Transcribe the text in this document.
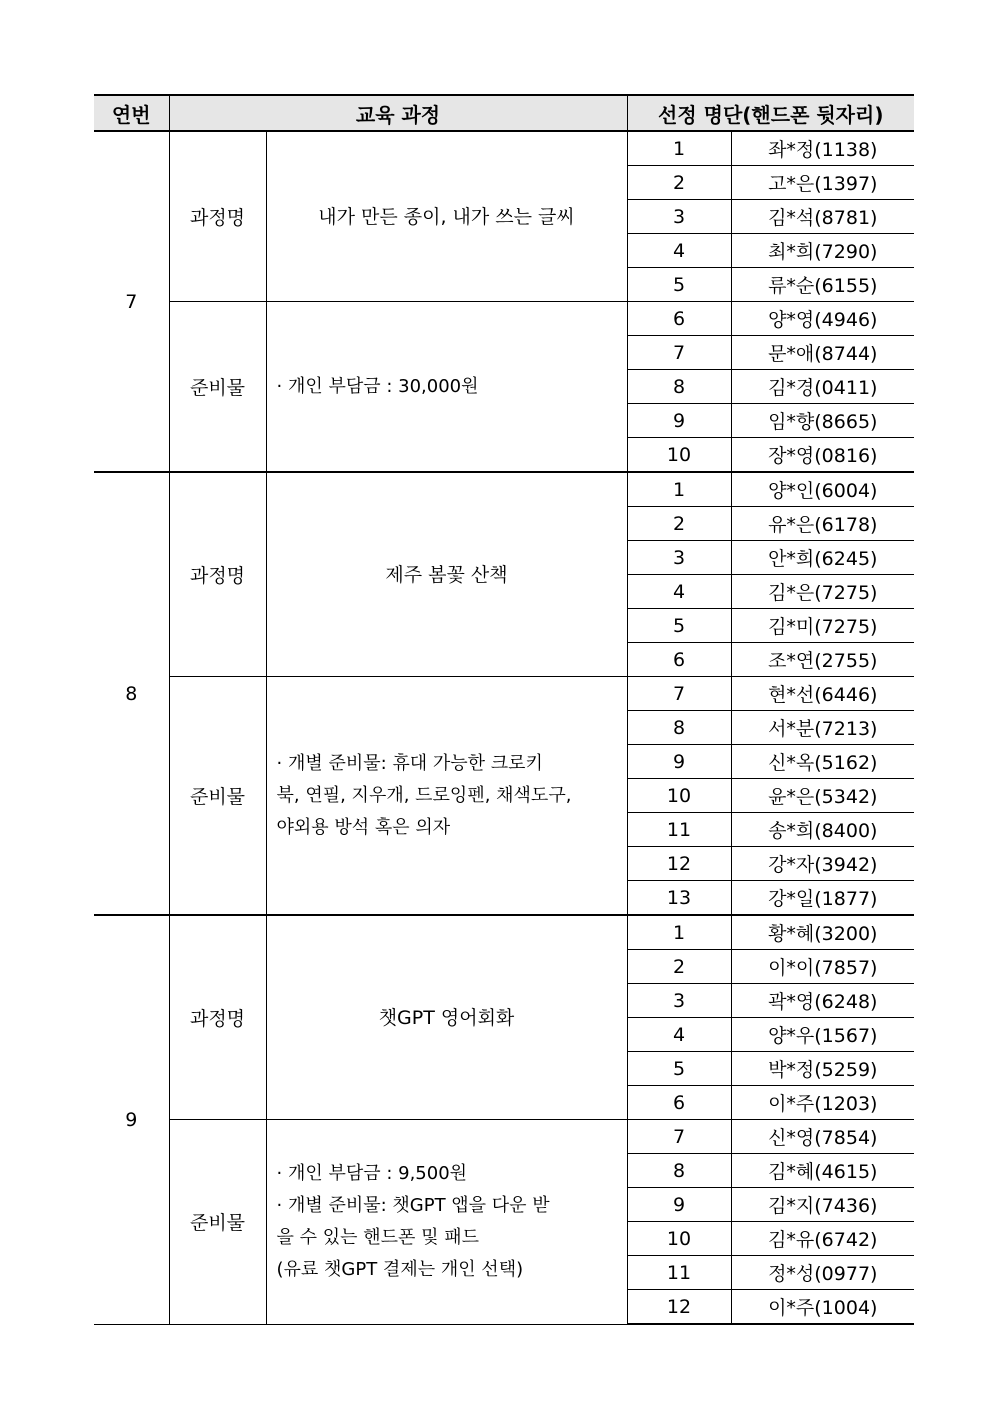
연번	교육 과정		선정 명단(핸드폰 뒷자리)	
7	과정명	내가 만든 종이, 내가 쓰는 글씨	1	좌*정(1138)
			2	고*은(1397)
			3	김*석(8781)
			4	최*희(7290)
			5	류*순(6155)
	준비물	· 개인 부담금 : 30,000원	6	양*영(4946)
			7	문*애(8744)
			8	김*경(0411)
			9	임*향(8665)
			10	장*영(0816)
8	과정명	제주 봄꽃 산책	1	양*인(6004)
			2	유*은(6178)
			3	안*희(6245)
			4	김*은(7275)
			5	김*미(7275)
			6	조*연(2755)
	준비물	· 개별 준비물: 휴대 가능한 크로키
북, 연필, 지우개, 드로잉펜, 채색도구,
야외용 방석 혹은 의자	7	현*선(6446)
			8	서*분(7213)
			9	신*옥(5162)
			10	윤*은(5342)
			11	송*희(8400)
			12	강*자(3942)
			13	강*일(1877)
9	과정명	챗GPT 영어회화	1	황*혜(3200)
			2	이*이(7857)
			3	곽*영(6248)
			4	양*우(1567)
			5	박*정(5259)
			6	이*주(1203)
	준비물	· 개인 부담금 : 9,500원
· 개별 준비물: 챗GPT 앱을 다운 받
을 수 있는 핸드폰 및 패드
(유료 챗GPT 결제는 개인 선택)	7	신*영(7854)
			8	김*혜(4615)
			9	김*지(7436)
			10	김*유(6742)
			11	정*성(0977)
			12	이*주(1004)
